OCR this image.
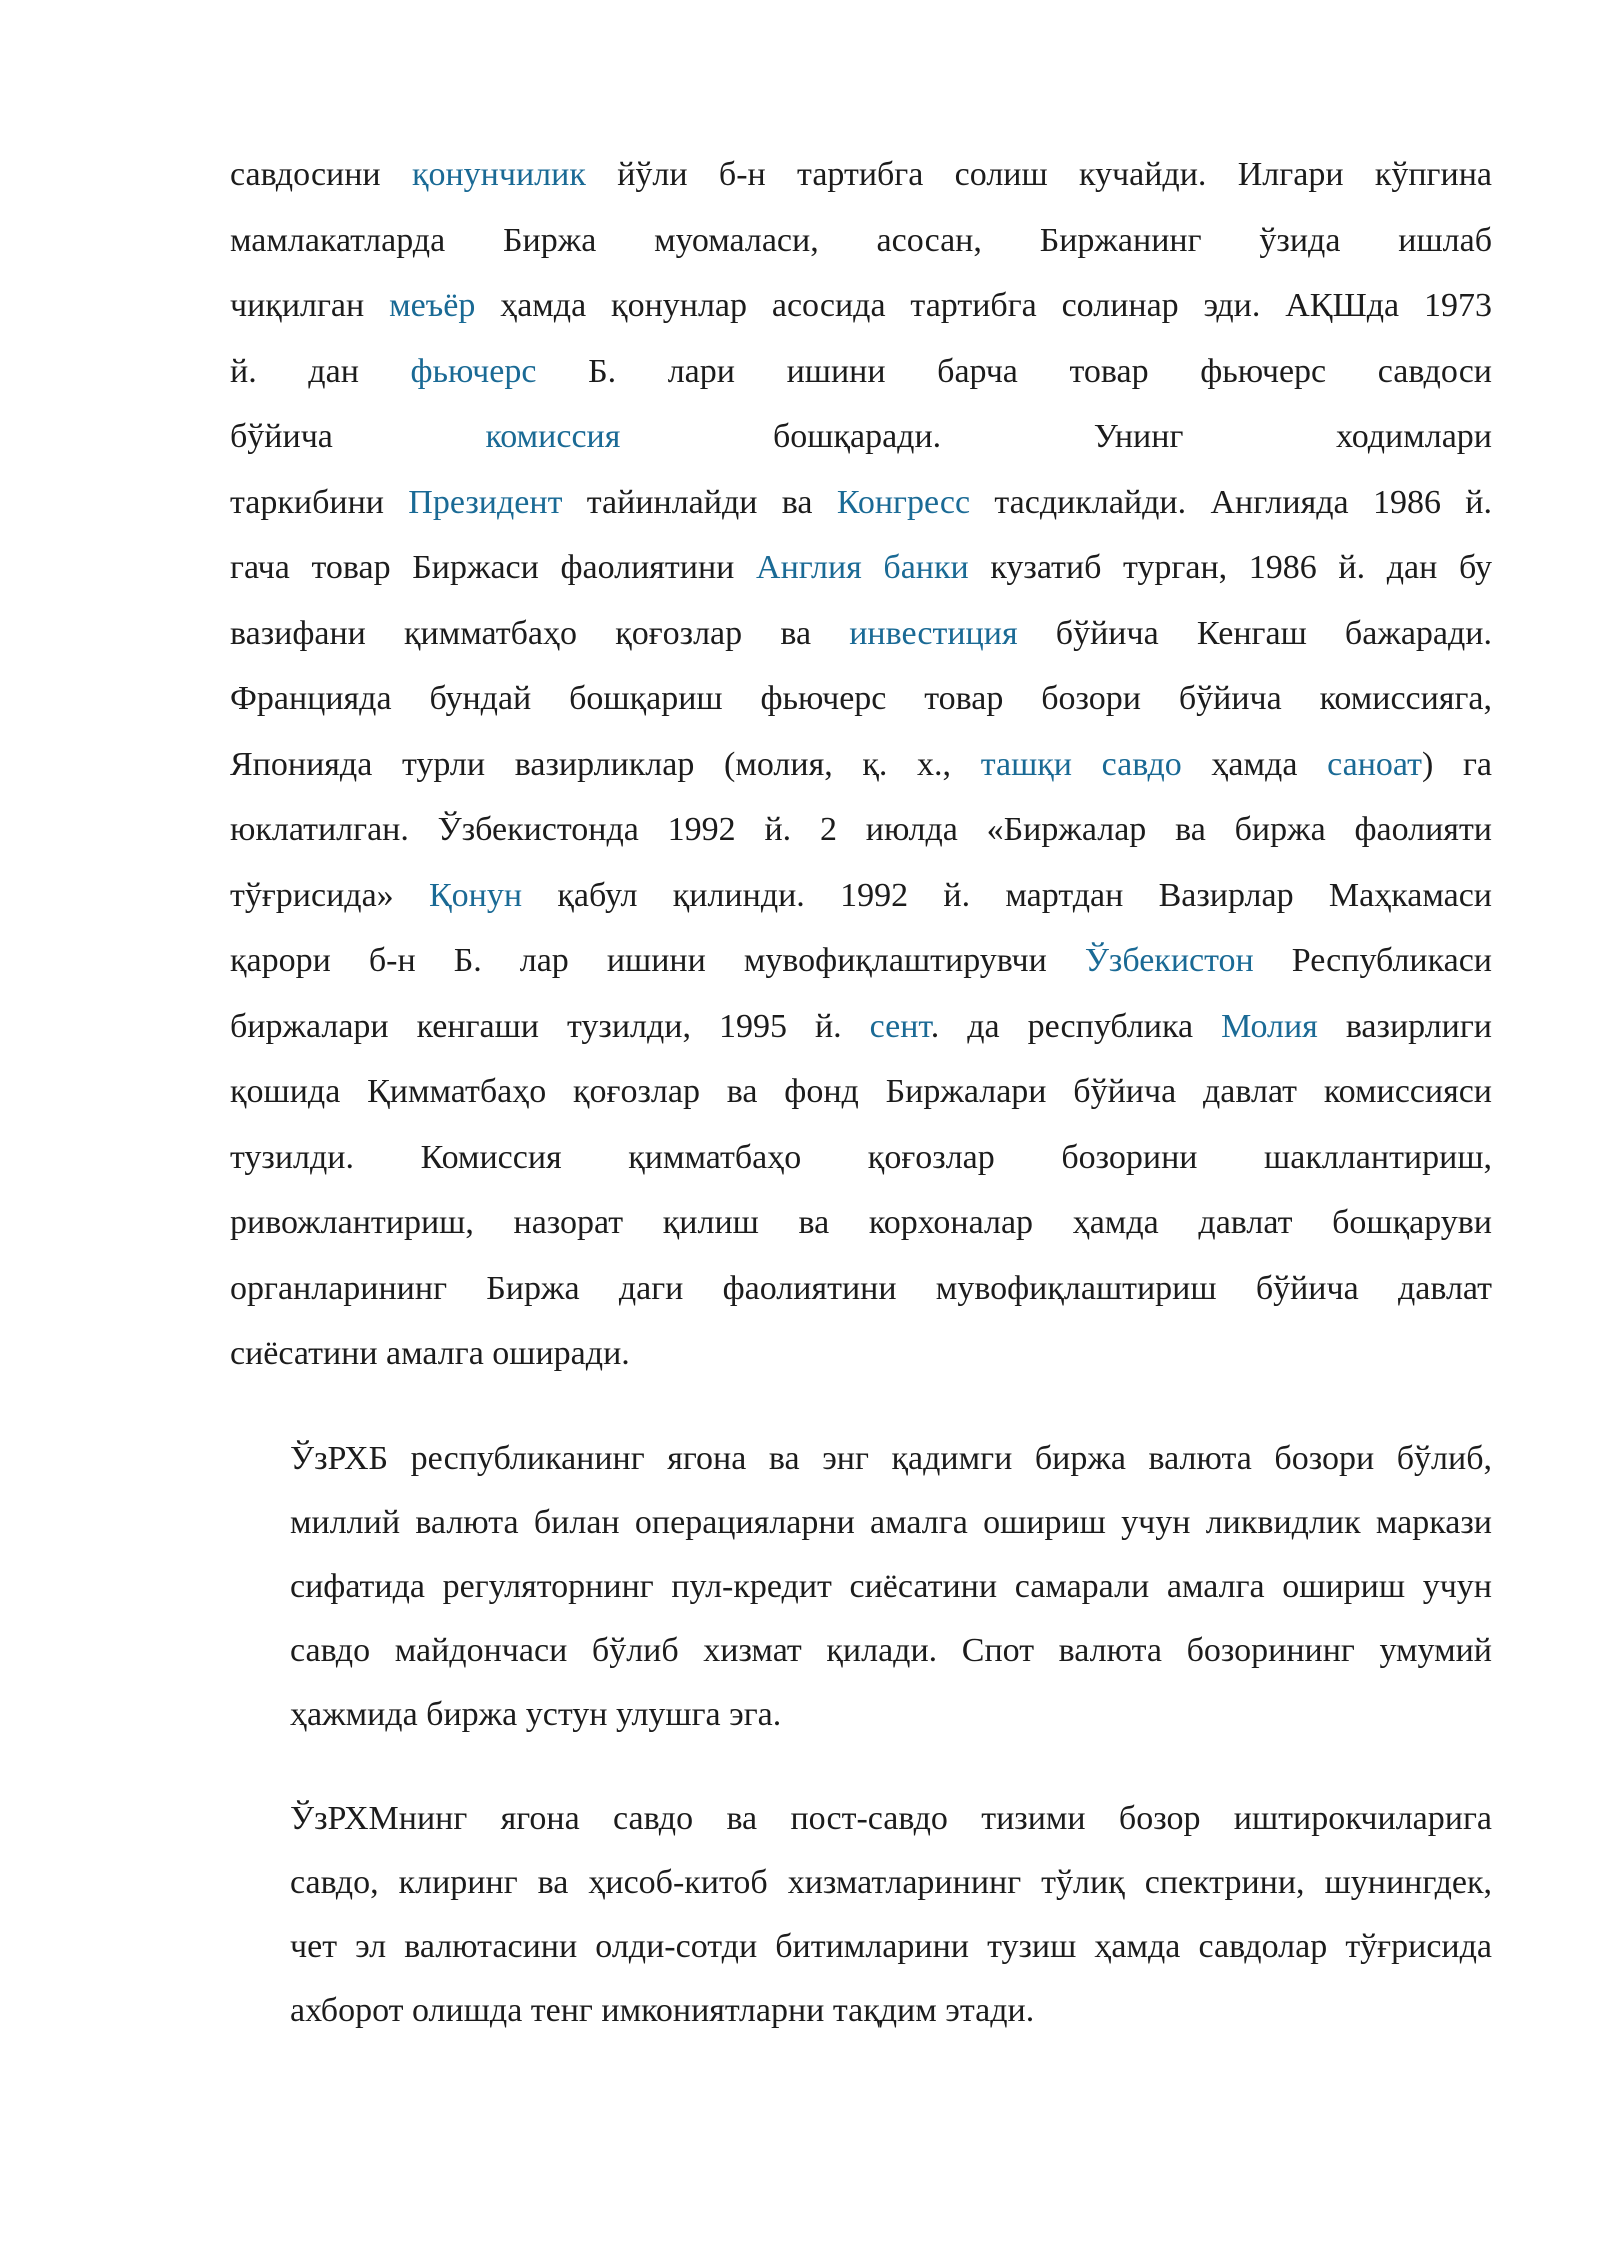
савдосини қонунчилик йўли б-н тартибга солиш кучайди. Илгари кўпгина
мамлакатларда Биржа муомаласи, асосан, Биржанинг ўзида ишлаб
чиқилган меъёр ҳамда қонунлар асосида тартибга солинар эди. АҚШда 1973
й. дан фьючерс Б. лари ишини барча товар фьючерс савдоси
бўйича комиссия бошқаради. Унинг ходимлари
таркибини Президент тайинлайди ва Конгресс тасдиклайди. Англияда 1986 й.
гача товар Биржаси фаолиятини Англия банки кузатиб турган, 1986 й. дан бу
вазифани қимматбаҳо қоғозлар ва инвестиция бўйича Кенгаш бажаради.
Францияда бундай бошқариш фьючерс товар бозори бўйича комиссияга,
Японияда турли вазирликлар (молия, қ. х., ташқи савдо ҳамда саноат) га
юклатилган. Ўзбекистонда 1992 й. 2 июлда «Биржалар ва биржа фаолияти
тўғрисида» Қонун қабул қилинди. 1992 й. мартдан Вазирлар Маҳкамаси
қарори б-н Б. лар ишини мувофиқлаштирувчи Ўзбекистон Республикаси
биржалари кенгаши тузилди, 1995 й. сент. да республика Молия вазирлиги
қошида Қимматбаҳо қоғозлар ва фонд Биржалари бўйича давлат комиссияси
тузилди. Комиссия қимматбаҳо қоғозлар бозорини шакллантириш,
ривожлантириш, назорат қилиш ва корхоналар ҳамда давлат бошқаруви
органларининг Биржа даги фаолиятини мувофиқлаштириш бўйича давлат
сиёсатини амалга оширади.
ЎзРХБ республиканинг ягона ва энг қадимги биржа валюта бозори бўлиб,
миллий валюта билан операцияларни амалга ошириш учун ликвидлик маркази
сифатида регуляторнинг пул-кредит сиёсатини самарали амалга ошириш учун
савдо майдончаси бўлиб хизмат қилади. Спот валюта бозорининг умумий
ҳажмида биржа устун улушга эга.
ЎзРХМнинг ягона савдо ва пост-савдо тизими бозор иштирокчиларига
савдо, клиринг ва ҳисоб-китоб хизматларининг тўлиқ спектрини, шунингдек,
чет эл валютасини олди-сотди битимларини тузиш ҳамда савдолар тўғрисида
ахборот олишда тенг имкониятларни тақдим этади.
